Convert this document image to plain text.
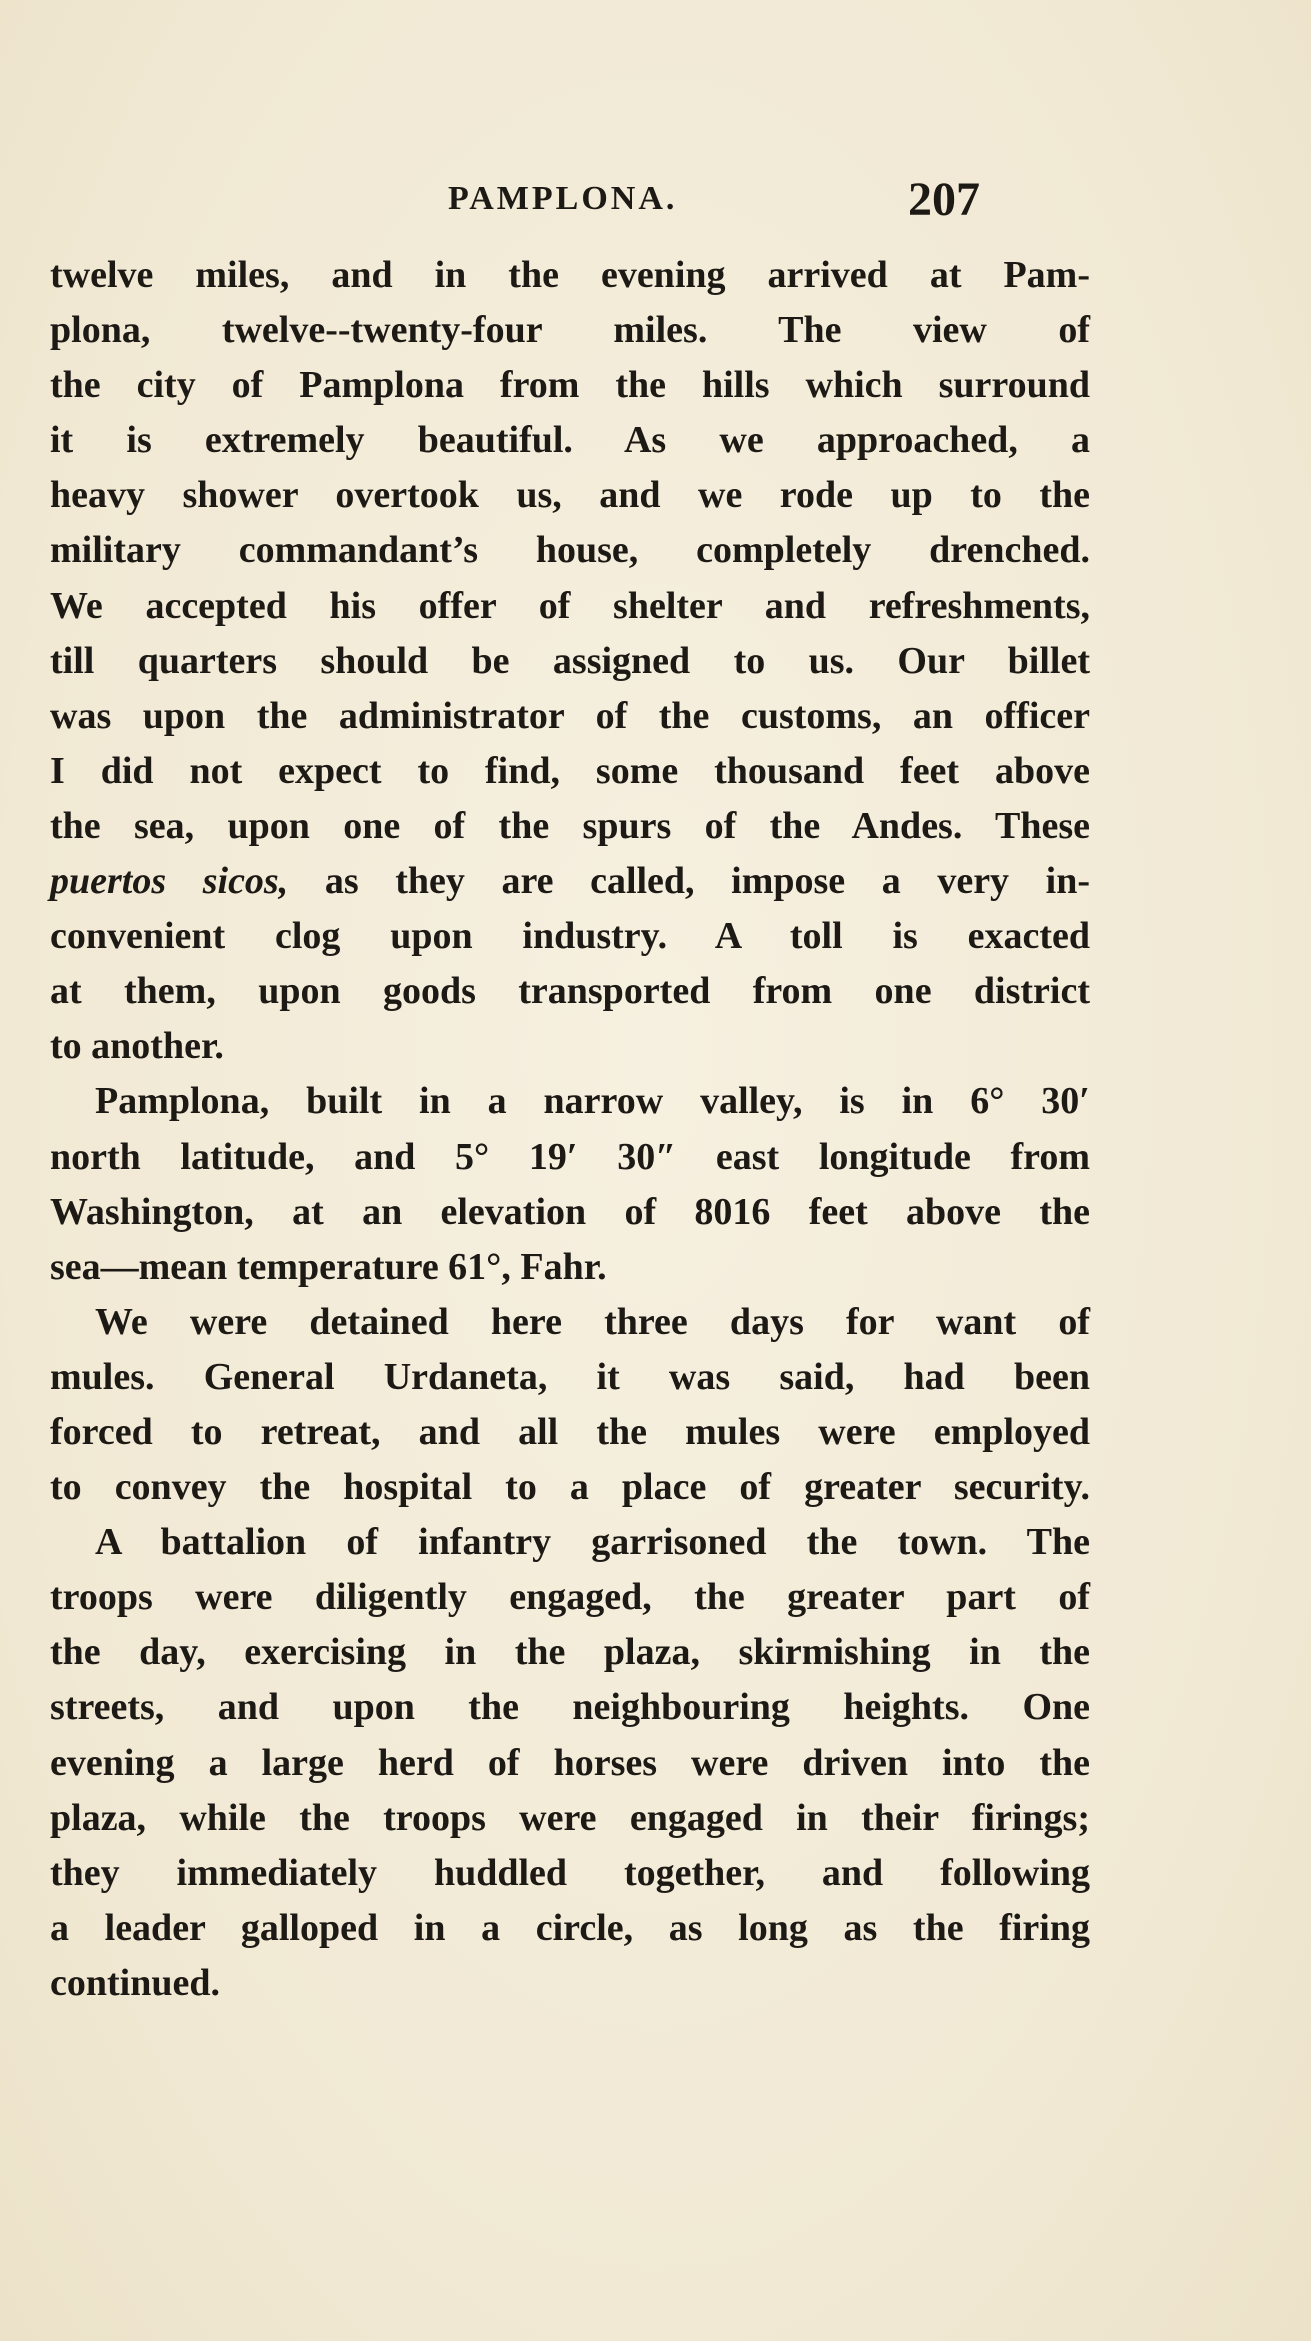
PAMPLONA.	207
twelve miles, and in the evening arrived at Pam-
plona, twelve--twenty-four miles. The view of
the city of Pamplona from the hills which surround
it is extremely beautiful. As we approached, a
heavy shower overtook us, and we rode up to the
military commandant’s house, completely drenched.
We accepted his offer of shelter and refreshments,
till quarters should be assigned to us. Our billet
was upon the administrator of the customs, an officer
I did not expect to find, some thousand feet above
the sea, upon one of the spurs of the Andes. These
puertos sicos, as they are called, impose a very in-
convenient clog upon industry. A toll is exacted
at them, upon goods transported from one district
to another.
Pamplona, built in a narrow valley, is in 6° 30′
north latitude, and 5° 19′ 30″ east longitude from
Washington, at an elevation of 8016 feet above the
sea—mean temperature 61°, Fahr.
We were detained here three days for want of
mules. General Urdaneta, it was said, had been
forced to retreat, and all the mules were employed
to convey the hospital to a place of greater security.
A battalion of infantry garrisoned the town. The
troops were diligently engaged, the greater part of
the day, exercising in the plaza, skirmishing in the
streets, and upon the neighbouring heights. One
evening a large herd of horses were driven into the
plaza, while the troops were engaged in their firings;
they immediately huddled together, and following
a leader galloped in a circle, as long as the firing
continued.
